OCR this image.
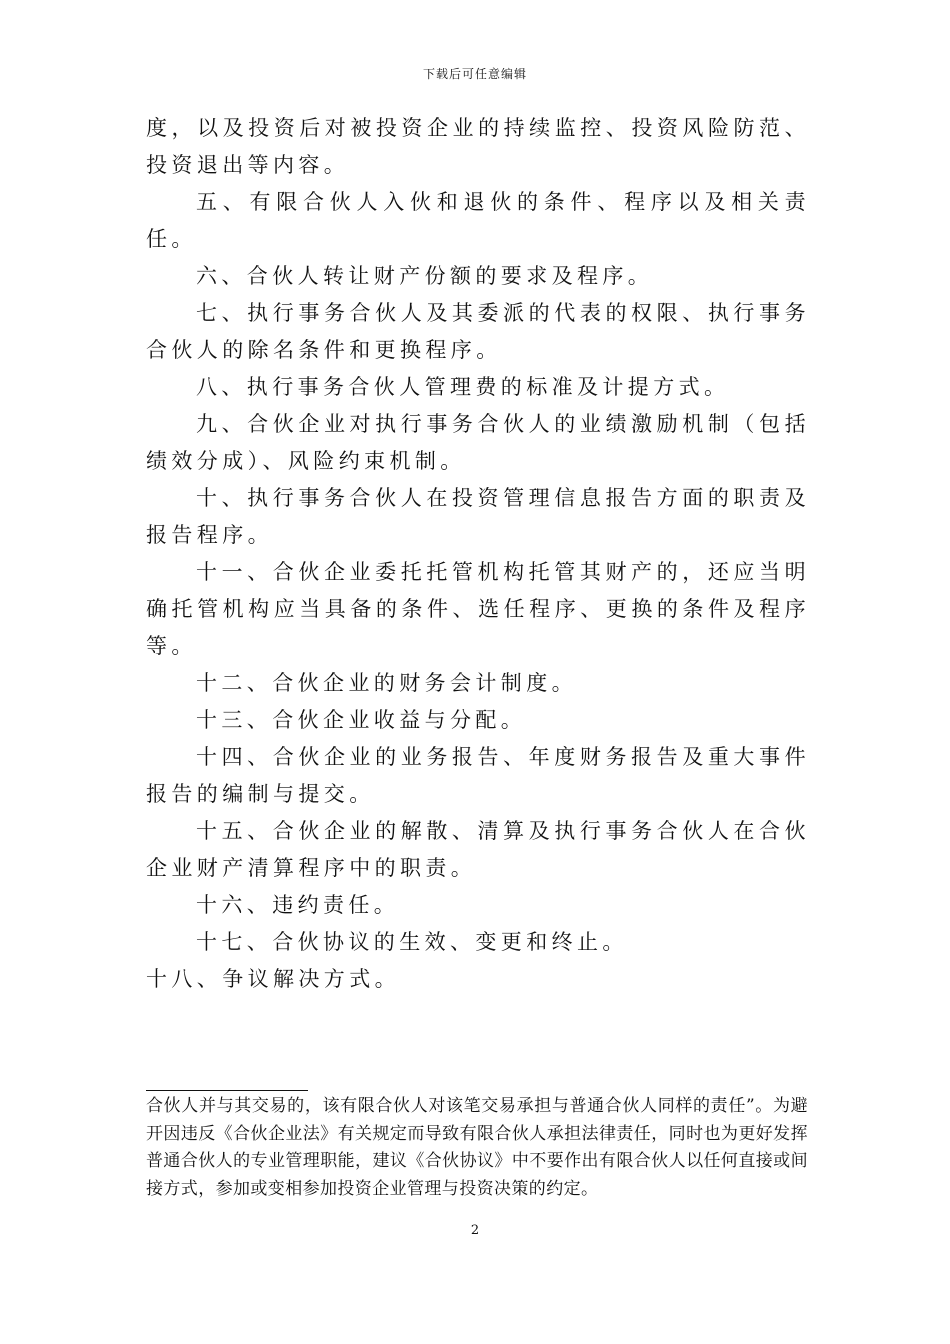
下载后可任意编辑

度，以及投资后对被投资企业的持续监控、投资风险防范、投资退出等内容。

五、有限合伙人入伙和退伙的条件、程序以及相关责任。

六、合伙人转让财产份额的要求及程序。

七、执行事务合伙人及其委派的代表的权限、执行事务合伙人的除名条件和更换程序。

八、执行事务合伙人管理费的标准及计提方式。

九、合伙企业对执行事务合伙人的业绩激励机制（包括绩效分成）、风险约束机制。

十、执行事务合伙人在投资管理信息报告方面的职责及报告程序。

十一、合伙企业委托托管机构托管其财产的，还应当明确托管机构应当具备的条件、选任程序、更换的条件及程序等。

十二、合伙企业的财务会计制度。

十三、合伙企业收益与分配。

十四、合伙企业的业务报告、年度财务报告及重大事件报告的编制与提交。

十五、合伙企业的解散、清算及执行事务合伙人在合伙企业财产清算程序中的职责。

十六、违约责任。

十七、合伙协议的生效、变更和终止。

十八、争议解决方式。

合伙人并与其交易的，该有限合伙人对该笔交易承担与普通合伙人同样的责任”。为避开因违反《合伙企业法》有关规定而导致有限合伙人承担法律责任，同时也为更好发挥普通合伙人的专业管理职能，建议《合伙协议》中不要作出有限合伙人以任何直接或间接方式，参加或变相参加投资企业管理与投资决策的约定。

2
